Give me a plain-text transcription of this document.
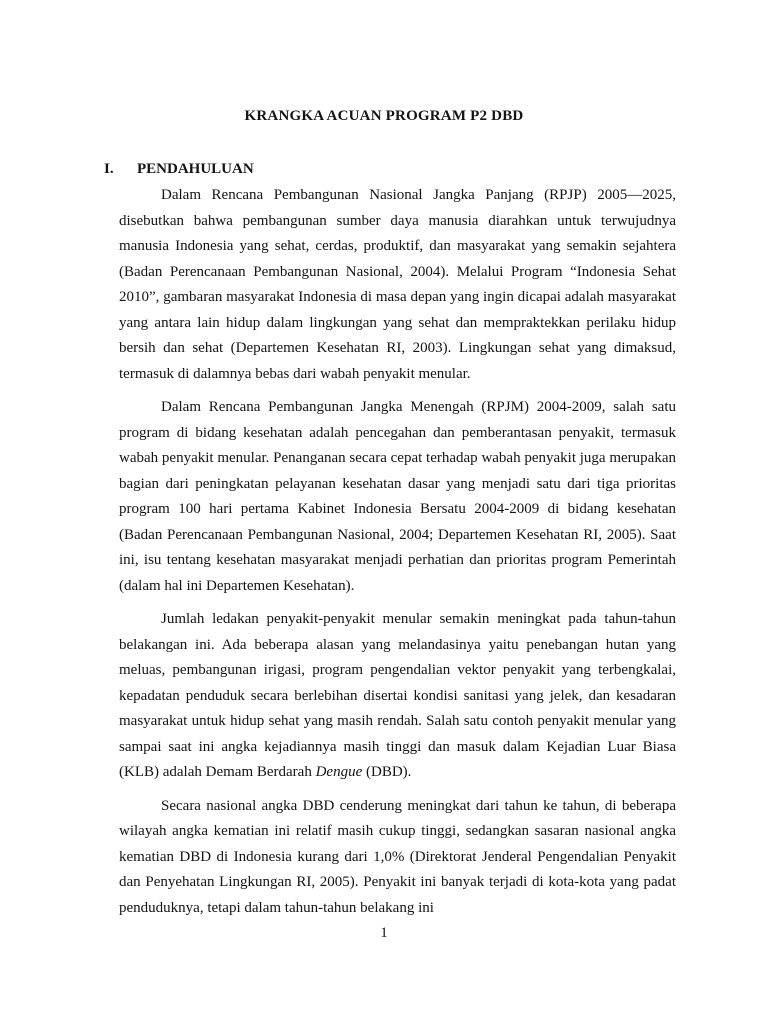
KRANGKA ACUAN PROGRAM P2 DBD
I. PENDAHULUAN

Dalam Rencana Pembangunan Nasional Jangka Panjang (RPJP) 2005—2025, disebutkan bahwa pembangunan sumber daya manusia diarahkan untuk terwujudnya manusia Indonesia yang sehat, cerdas, produktif, dan masyarakat yang semakin sejahtera (Badan Perencanaan Pembangunan Nasional, 2004). Melalui Program “Indonesia Sehat 2010”, gambaran masyarakat Indonesia di masa depan yang ingin dicapai adalah masyarakat yang antara lain hidup dalam lingkungan yang sehat dan mempraktekkan perilaku hidup bersih dan sehat (Departemen Kesehatan RI, 2003). Lingkungan sehat yang dimaksud, termasuk di dalamnya bebas dari wabah penyakit menular.

Dalam Rencana Pembangunan Jangka Menengah (RPJM) 2004-2009, salah satu program di bidang kesehatan adalah pencegahan dan pemberantasan penyakit, termasuk wabah penyakit menular. Penanganan secara cepat terhadap wabah penyakit juga merupakan bagian dari peningkatan pelayanan kesehatan dasar yang menjadi satu dari tiga prioritas program 100 hari pertama Kabinet Indonesia Bersatu 2004-2009 di bidang kesehatan (Badan Perencanaan Pembangunan Nasional, 2004; Departemen Kesehatan RI, 2005). Saat ini, isu tentang kesehatan masyarakat menjadi perhatian dan prioritas program Pemerintah (dalam hal ini Departemen Kesehatan).

Jumlah ledakan penyakit-penyakit menular semakin meningkat pada tahun-tahun belakangan ini. Ada beberapa alasan yang melandasinya yaitu penebangan hutan yang meluas, pembangunan irigasi, program pengendalian vektor penyakit yang terbengkalai, kepadatan penduduk secara berlebihan disertai kondisi sanitasi yang jelek, dan kesadaran masyarakat untuk hidup sehat yang masih rendah. Salah satu contoh penyakit menular yang sampai saat ini angka kejadiannya masih tinggi dan masuk dalam Kejadian Luar Biasa (KLB) adalah Demam Berdarah Dengue (DBD).

Secara nasional angka DBD cenderung meningkat dari tahun ke tahun, di beberapa wilayah angka kematian ini relatif masih cukup tinggi, sedangkan sasaran nasional angka kematian DBD di Indonesia kurang dari 1,0% (Direktorat Jenderal Pengendalian Penyakit dan Penyehatan Lingkungan RI, 2005). Penyakit ini banyak terjadi di kota-kota yang padat penduduknya, tetapi dalam tahun-tahun belakang ini

1
